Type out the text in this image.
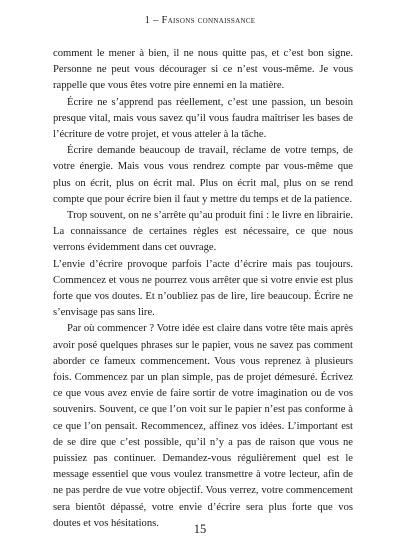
1 – Faisons connaissance

comment le mener à bien, il ne nous quitte pas, et c’est bon signe. Personne ne peut vous décourager si ce n’est vous-même. Je vous rappelle que vous êtes votre pire ennemi en la matière.

Écrire ne s’apprend pas réellement, c’est une passion, un besoin presque vital, mais vous savez qu’il vous faudra maîtriser les bases de l’écriture de votre projet, et vous atteler à la tâche.

Écrire demande beaucoup de travail, réclame de votre temps, de votre énergie. Mais vous vous rendrez compte par vous-même que plus on écrit, plus on écrit mal. Plus on écrit mal, plus on se rend compte que pour écrire bien il faut y mettre du temps et de la patience.

Trop souvent, on ne s’arrête qu’au produit fini : le livre en librairie. La connaissance de certaines règles est nécessaire, ce que nous verrons évidemment dans cet ouvrage.

L’envie d’écrire provoque parfois l’acte d’écrire mais pas toujours. Commencez et vous ne pourrez vous arrêter que si votre envie est plus forte que vos doutes. Et n’oubliez pas de lire, lire beaucoup. Écrire ne s’envisage pas sans lire.

Par où commencer ? Votre idée est claire dans votre tête mais après avoir posé quelques phrases sur le papier, vous ne savez pas comment aborder ce fameux commencement. Vous vous reprenez à plusieurs fois. Commencez par un plan simple, pas de projet démesuré. Écrivez ce que vous avez envie de faire sortir de votre imagination ou de vos souvenirs. Souvent, ce que l’on voit sur le papier n’est pas conforme à ce que l’on pensait. Recommencez, affinez vos idées. L’important est de se dire que c’est possible, qu’il n’y a pas de raison que vous ne puissiez pas continuer. Demandez-vous régulièrement quel est le message essentiel que vous voulez transmettre à votre lecteur, afin de ne pas perdre de vue votre objectif. Vous verrez, votre commencement sera bientôt dépassé, votre envie d’écrire sera plus forte que vos doutes et vos hésitations.	15
